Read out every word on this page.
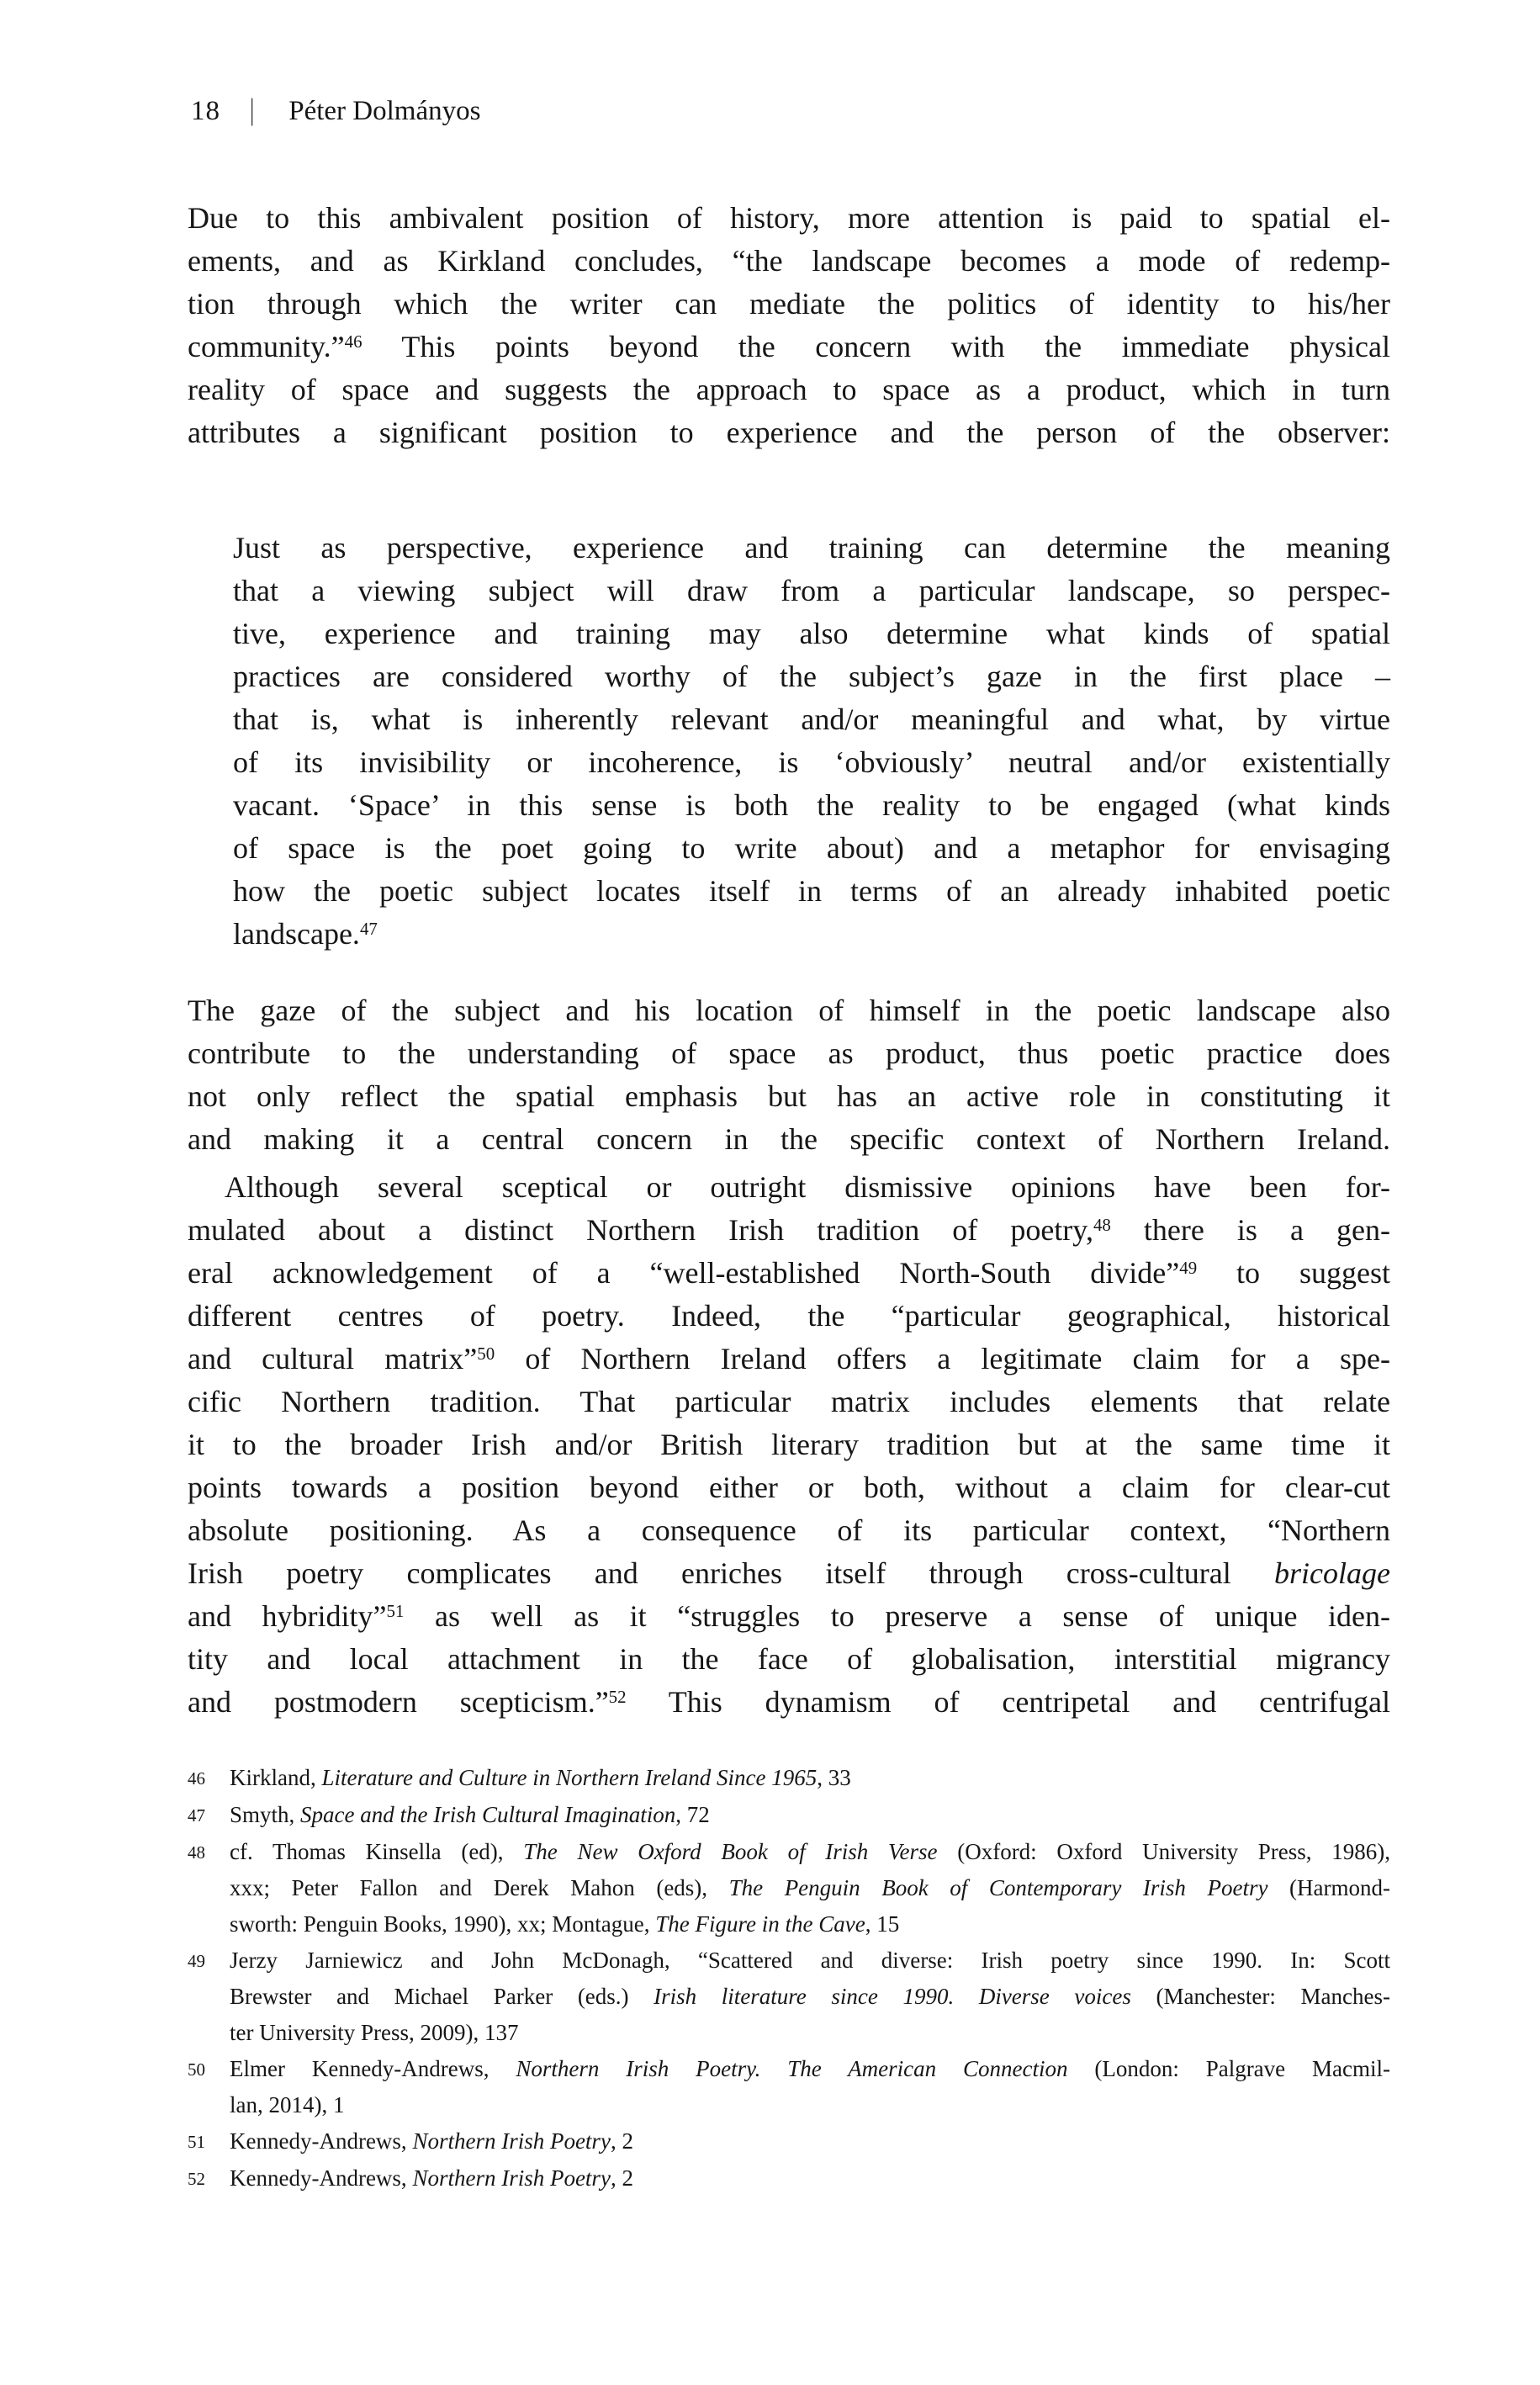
18 | Péter Dolmányos
Due to this ambivalent position of history, more attention is paid to spatial el-
ements, and as Kirkland concludes, “the landscape becomes a mode of redemp-
tion through which the writer can mediate the politics of identity to his/her
community.”$^{46}$ This points beyond the concern with the immediate physical
reality of space and suggests the approach to space as a product, which in turn
attributes a significant position to experience and the person of the observer:
Just as perspective, experience and training can determine the meaning
that a viewing subject will draw from a particular landscape, so perspec-
tive, experience and training may also determine what kinds of spatial
practices are considered worthy of the subject’s gaze in the first place –
that is, what is inherently relevant and/or meaningful and what, by virtue
of its invisibility or incoherence, is ‘obviously’ neutral and/or existentially
vacant. ‘Space’ in this sense is both the reality to be engaged (what kinds
of space is the poet going to write about) and a metaphor for envisaging
how the poetic subject locates itself in terms of an already inhabited poetic
landscape.$^{47}$
The gaze of the subject and his location of himself in the poetic landscape also
contribute to the understanding of space as product, thus poetic practice does
not only reflect the spatial emphasis but has an active role in constituting it
and making it a central concern in the specific context of Northern Ireland.
Although several sceptical or outright dismissive opinions have been for-
mulated about a distinct Northern Irish tradition of poetry,$^{48}$ there is a gen-
eral acknowledgement of a “well-established North-South divide”$^{49}$ to suggest
different centres of poetry. Indeed, the “particular geographical, historical
and cultural matrix”$^{50}$ of Northern Ireland offers a legitimate claim for a spe-
cific Northern tradition. That particular matrix includes elements that relate
it to the broader Irish and/or British literary tradition but at the same time it
points towards a position beyond either or both, without a claim for clear-cut
absolute positioning. As a consequence of its particular context, “Northern
Irish poetry complicates and enriches itself through cross-cultural bricolage
and hybridity”$^{51}$ as well as it “struggles to preserve a sense of unique iden-
tity and local attachment in the face of globalisation, interstitial migrancy
and postmodern scepticism.”$^{52}$ This dynamism of centripetal and centrifugal
46	Kirkland, Literature and Culture in Northern Ireland Since 1965, 33
47	Smyth, Space and the Irish Cultural Imagination, 72
48	cf. Thomas Kinsella (ed), The New Oxford Book of Irish Verse (Oxford: Oxford University Press, 1986),
xxx; Peter Fallon and Derek Mahon (eds), The Penguin Book of Contemporary Irish Poetry (Harmond-
sworth: Penguin Books, 1990), xx; Montague, The Figure in the Cave, 15
49	Jerzy Jarniewicz and John McDonagh, “Scattered and diverse: Irish poetry since 1990. In: Scott
Brewster and Michael Parker (eds.) Irish literature since 1990. Diverse voices (Manchester: Manches-
ter University Press, 2009), 137
50	Elmer Kennedy-Andrews, Northern Irish Poetry. The American Connection (London: Palgrave Macmil-
lan, 2014), 1
51	Kennedy-Andrews, Northern Irish Poetry, 2
52	Kennedy-Andrews, Northern Irish Poetry, 2
